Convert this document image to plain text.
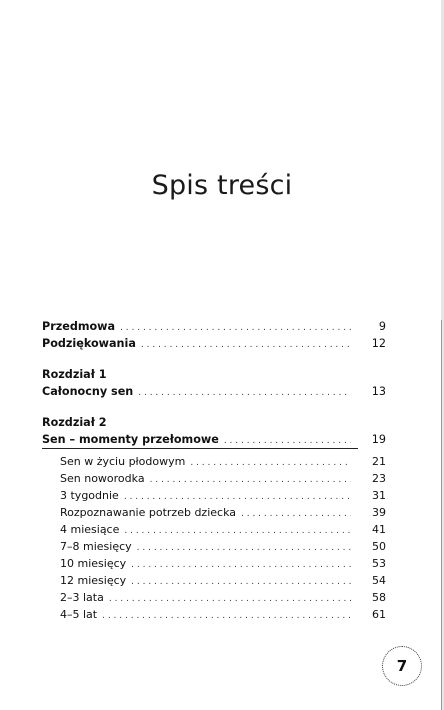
Spis treści
Przedmowa . . .	9
Podziękowania . . .	12
Rozdział 1
Całonocny sen . . .	13
Rozdział 2
Sen – momenty przełomowe . . .	19
Sen w życiu płodowym . . .	21
Sen noworodka . . .	23
3 tygodnie . . .	31
Rozpoznawanie potrzeb dziecka . . .	39
4 miesiące . . .	41
7–8 miesięcy . . .	50
10 miesięcy . . .	53
12 miesięcy . . .	54
2–3 lata . . .	58
4–5 lat . . .	61
7
